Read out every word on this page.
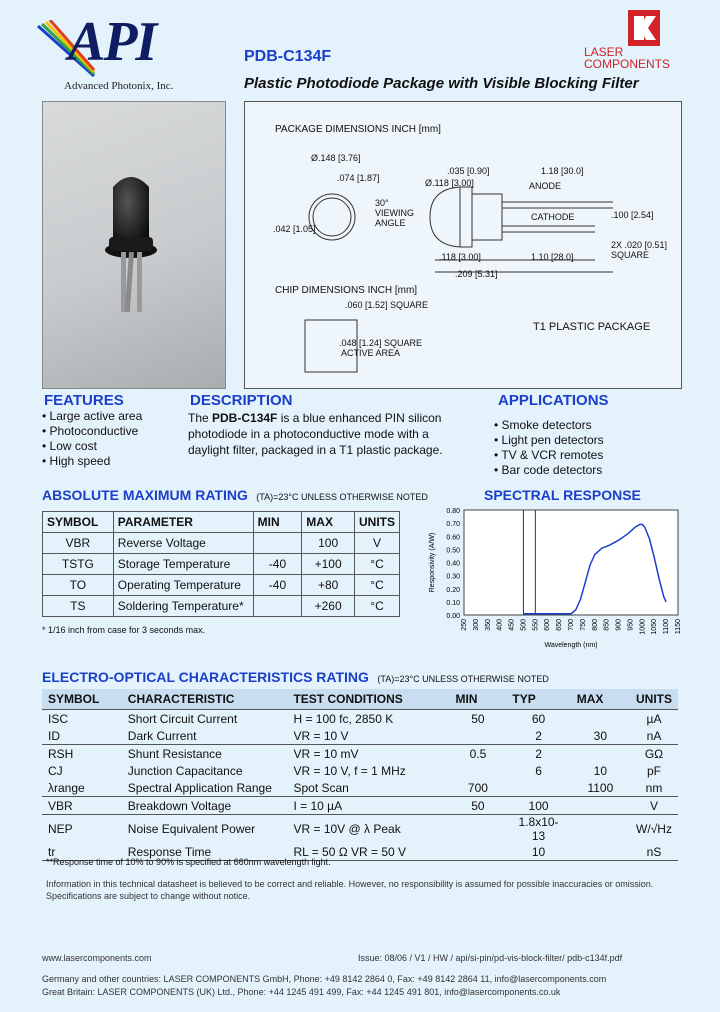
API
Advanced Photonix, Inc.
PDB-C134F
Plastic Photodiode Package with Visible Blocking Filter
LASER
COMPONENTS
PACKAGE DIMENSIONS INCH [mm]
Ø.148 [3.76]
.074 [1.87]
.035 [0.90]	1.18 [30.0]
Ø.118 [3.00]	ANODE
CATHODE
30° VIEWING ANGLE
.042 [1.05]
.100 [2.54]
2X .020 [0.51] SQUARE
.118 [3.00]	1.10 [28.0]
.209 [5.31]
CHIP DIMENSIONS INCH [mm]
.060 [1.52] SQUARE
.048 [1.24] SQUARE
ACTIVE AREA
T1 PLASTIC PACKAGE
FEATURES
• Large active area
• Photoconductive
• Low cost
• High speed
DESCRIPTION
The PDB-C134F is a blue enhanced PIN silicon photodiode in a photoconductive mode with a daylight filter, packaged in a T1 plastic package.
APPLICATIONS
• Smoke detectors
• Light pen detectors
• TV & VCR remotes
• Bar code detectors
ABSOLUTE MAXIMUM RATING (TA)=23°C UNLESS OTHERWISE NOTED
SYMBOL	PARAMETER	MIN	MAX	UNITS
VBR	Reverse Voltage		100	V
TSTG	Storage Temperature	-40	+100	°C
TO	Operating Temperature	-40	+80	°C
TS	Soldering Temperature*		+260	°C
* 1/16 inch from case for 3 seconds max.
SPECTRAL RESPONSE
0.00
0.10
0.20
0.30
0.40
0.50
0.60
0.70
0.80
250 300 350 400 450 500 550 600 650 700 750 800 850 900 950 1000 1050 1100 1150
Responsivity (A/W)
Wavelength (nm)
ELECTRO-OPTICAL CHARACTERISTICS RATING (TA)=23°C UNLESS OTHERWISE NOTED
SYMBOL	CHARACTERISTIC	TEST CONDITIONS	MIN	TYP	MAX	UNITS
ISC	Short Circuit Current	H = 100 fc, 2850 K	50	60		µA
ID	Dark Current	VR = 10 V		2	30	nA
RSH	Shunt Resistance	VR = 10 mV	0.5	2		GΩ
CJ	Junction Capacitance	VR = 10 V, f = 1 MHz		6	10	pF
λrange	Spectral Application Range	Spot Scan	700		1100	nm
VBR	Breakdown Voltage	I = 10 µA	50	100		V
NEP	Noise Equivalent Power	VR = 10V @ λ Peak		1.8x10-13		W/√Hz
tr	Response Time	RL = 50 Ω VR = 50 V		10		nS
**Response time of 10% to 90% is specified at 660nm wavelength light.
Information in this technical datasheet is believed to be correct and reliable. However, no responsibility is assumed for possible inaccuracies or omission. Specifications are subject to change without notice.
www.lasercomponents.com	Issue: 08/06 / V1 / HW / api/si-pin/pd-vis-block-filter/ pdb-c134f.pdf
Germany and other countries: LASER COMPONENTS GmbH, Phone: +49 8142 2864 0, Fax: +49 8142 2864 11, info@lasercomponents.com
Great Britain: LASER COMPONENTS (UK) Ltd., Phone: +44 1245 491 499, Fax: +44 1245 491 801, info@lasercomponents.co.uk
